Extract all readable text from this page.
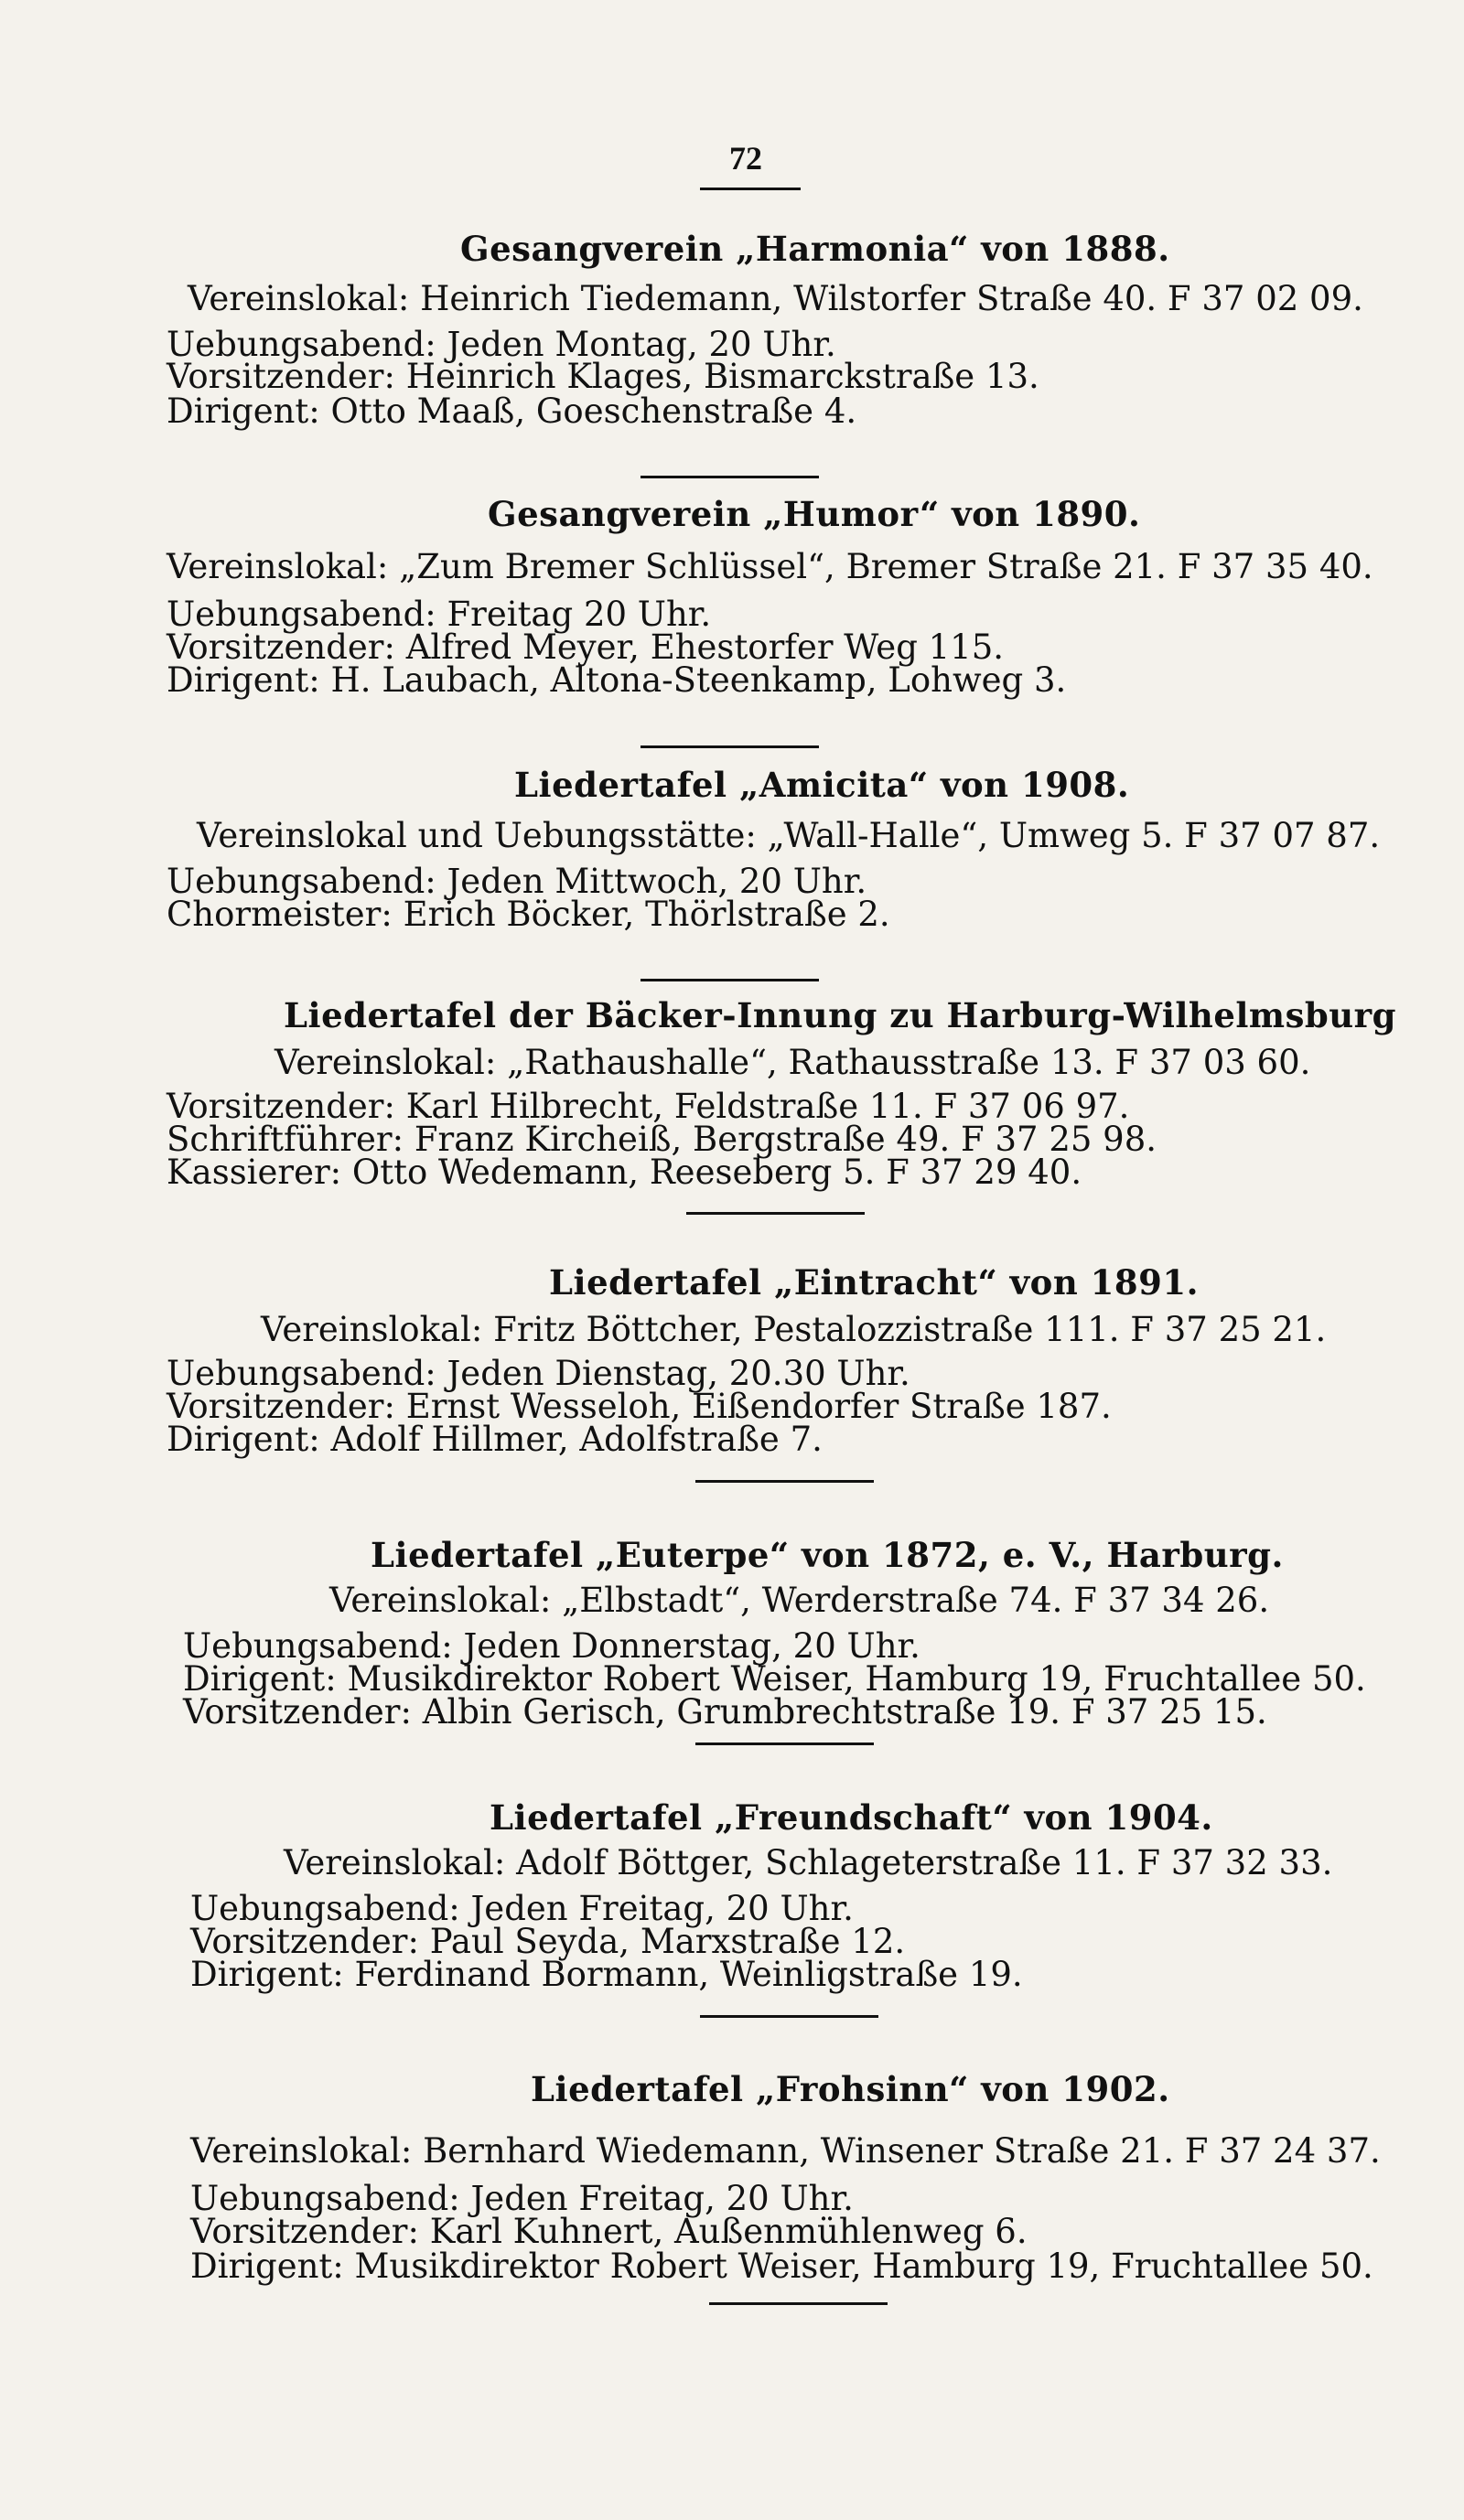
72
Gesangverein „Harmonia“ von 1888.
Vereinslokal: Heinrich Tiedemann, Wilstorfer Straße 40. F 37 02 09.
Uebungsabend: Jeden Montag, 20 Uhr.
Vorsitzender: Heinrich Klages, Bismarckstraße 13.
Dirigent: Otto Maaß, Goeschenstraße 4.
Gesangverein „Humor“ von 1890.
Vereinslokal: „Zum Bremer Schlüssel“, Bremer Straße 21. F 37 35 40.
Uebungsabend: Freitag 20 Uhr.
Vorsitzender: Alfred Meyer, Ehestorfer Weg 115.
Dirigent: H. Laubach, Altona-Steenkamp, Lohweg 3.
Liedertafel „Amicita“ von 1908.
Vereinslokal und Uebungsstätte: „Wall-Halle“, Umweg 5. F 37 07 87.
Uebungsabend: Jeden Mittwoch, 20 Uhr.
Chormeister: Erich Böcker, Thörlstraße 2.
Liedertafel der Bäcker-Innung zu Harburg-Wilhelmsburg
Vereinslokal: „Rathaushalle“, Rathausstraße 13. F 37 03 60.
Vorsitzender: Karl Hilbrecht, Feldstraße 11. F 37 06 97.
Schriftführer: Franz Kircheiß, Bergstraße 49. F 37 25 98.
Kassierer: Otto Wedemann, Reeseberg 5. F 37 29 40.
Liedertafel „Eintracht“ von 1891.
Vereinslokal: Fritz Böttcher, Pestalozzistraße 111. F 37 25 21.
Uebungsabend: Jeden Dienstag, 20.30 Uhr.
Vorsitzender: Ernst Wesseloh, Eißendorfer Straße 187.
Dirigent: Adolf Hillmer, Adolfstraße 7.
Liedertafel „Euterpe“ von 1872, e. V., Harburg.
Vereinslokal: „Elbstadt“, Werderstraße 74. F 37 34 26.
Uebungsabend: Jeden Donnerstag, 20 Uhr.
Dirigent: Musikdirektor Robert Weiser, Hamburg 19, Fruchtallee 50.
Vorsitzender: Albin Gerisch, Grumbrechtstraße 19. F 37 25 15.
Liedertafel „Freundschaft“ von 1904.
Vereinslokal: Adolf Böttger, Schlageterstraße 11. F 37 32 33.
Uebungsabend: Jeden Freitag, 20 Uhr.
Vorsitzender: Paul Seyda, Marxstraße 12.
Dirigent: Ferdinand Bormann, Weinligstraße 19.
Liedertafel „Frohsinn“ von 1902.
Vereinslokal: Bernhard Wiedemann, Winsener Straße 21. F 37 24 37.
Uebungsabend: Jeden Freitag, 20 Uhr.
Vorsitzender: Karl Kuhnert, Außenmühlenweg 6.
Dirigent: Musikdirektor Robert Weiser, Hamburg 19, Fruchtallee 50.
